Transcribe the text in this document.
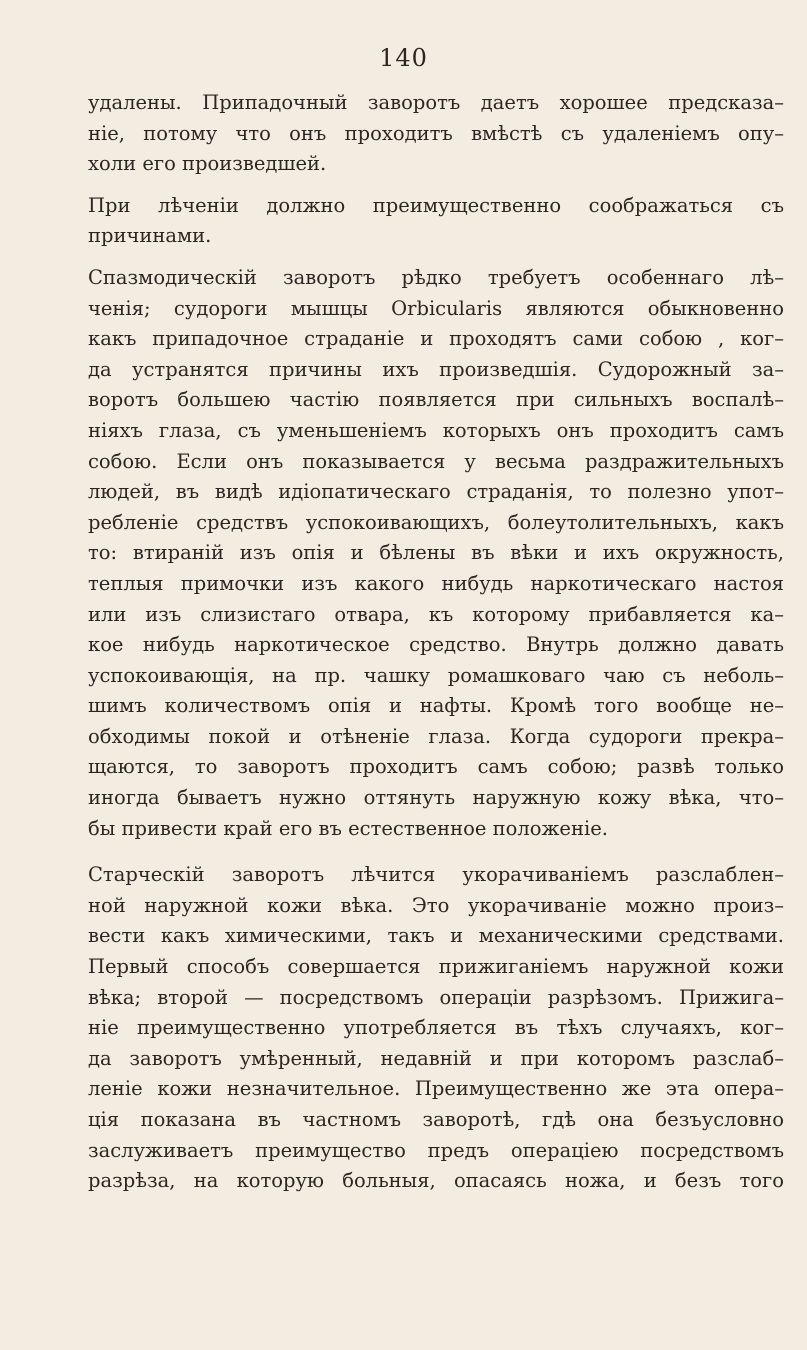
140
удалены. Припадочный заворотъ даетъ хорошее предсказа–
ніе, потому что онъ проходитъ вмѣстѣ съ удаленіемъ опу–
холи его произведшей.
При лѣченіи должно преимущественно соображаться съ
причинами.
Спазмодическій заворотъ рѣдко требуетъ особеннаго лѣ–
ченія; судороги мышцы Orbicularis являются обыкновенно
какъ припадочное страданіе и проходятъ сами собою , ког–
да устранятся причины ихъ произведшія. Судорожный за–
воротъ большею частію появляется при сильныхъ воспалѣ–
ніяхъ глаза, съ уменьшеніемъ которыхъ онъ проходитъ самъ
собою. Если онъ показывается у весьма раздражительныхъ
людей, въ видѣ идіопатическаго страданія, то полезно упот–
ребленіе средствъ успокоивающихъ, болеутолительныхъ, какъ
то: втираній изъ опія и бѣлены въ вѣки и ихъ окружность,
теплыя примочки изъ какого нибудь наркотическаго настоя
или изъ слизистаго отвара, къ которому прибавляется ка–
кое нибудь наркотическое средство. Внутрь должно давать
успокоивающія, на пр. чашку ромашковаго чаю съ неболь–
шимъ количествомъ опія и нафты. Кромѣ того вообще не–
обходимы покой и отѣненіе глаза. Когда судороги прекра–
щаются, то заворотъ проходитъ самъ собою; развѣ только
иногда бываетъ нужно оттянуть наружную кожу вѣка, что–
бы привести край его въ естественное положеніе.
Старческій заворотъ лѣчится укорачиваніемъ разслаблен–
ной наружной кожи вѣка. Это укорачиваніе можно произ–
вести какъ химическими, такъ и механическими средствами.
Первый способъ совершается прижиганіемъ наружной кожи
вѣка; второй — посредствомъ операціи разрѣзомъ. Прижига–
ніе преимущественно употребляется въ тѣхъ случаяхъ, ког–
да заворотъ умѣренный, недавній и при которомъ разслаб–
леніе кожи незначительное. Преимущественно же эта опера–
ція показана въ частномъ заворотѣ, гдѣ она безъусловно
заслуживаетъ преимущество предъ операціею посредствомъ
разрѣза, на которую больныя, опасаясь ножа, и безъ того
